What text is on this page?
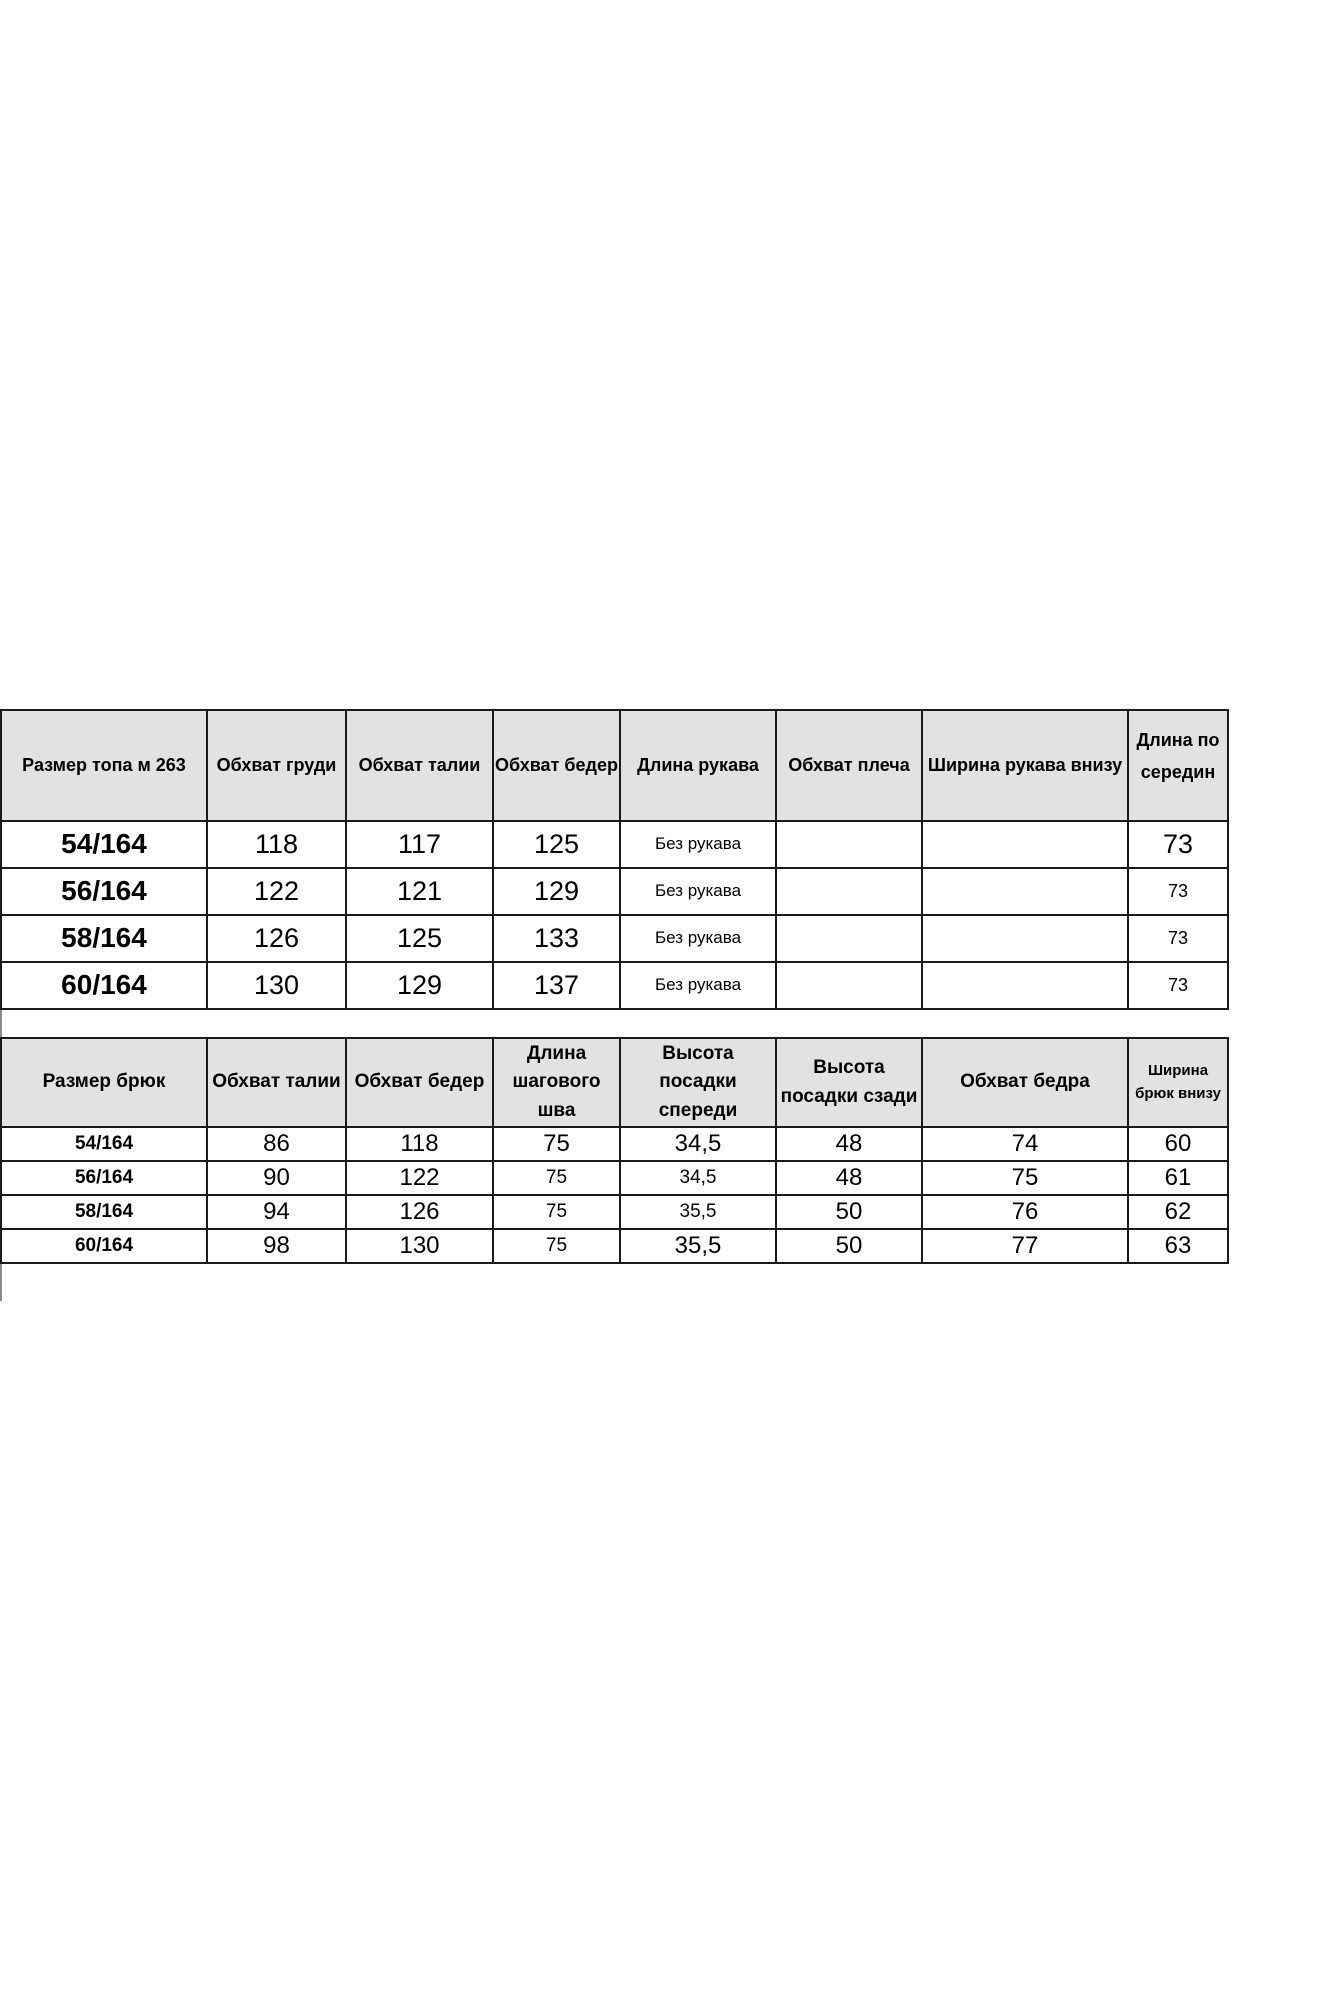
Размер топа м 263	Обхват груди	Обхват талии	Обхват бедер	Длина рукава	Обхват плеча	Ширина рукава внизу	Длина по середин
54/164	118	117	125	Без рукава			73
56/164	122	121	129	Без рукава			73
58/164	126	125	133	Без рукава			73
60/164	130	129	137	Без рукава			73
Размер брюк	Обхват талии	Обхват бедер	Длина шагового шва	Высота посадки спереди	Высота посадки сзади	Обхват бедра	Ширина брюк внизу
54/164	86	118	75	34,5	48	74	60
56/164	90	122	75	34,5	48	75	61
58/164	94	126	75	35,5	50	76	62
60/164	98	130	75	35,5	50	77	63
